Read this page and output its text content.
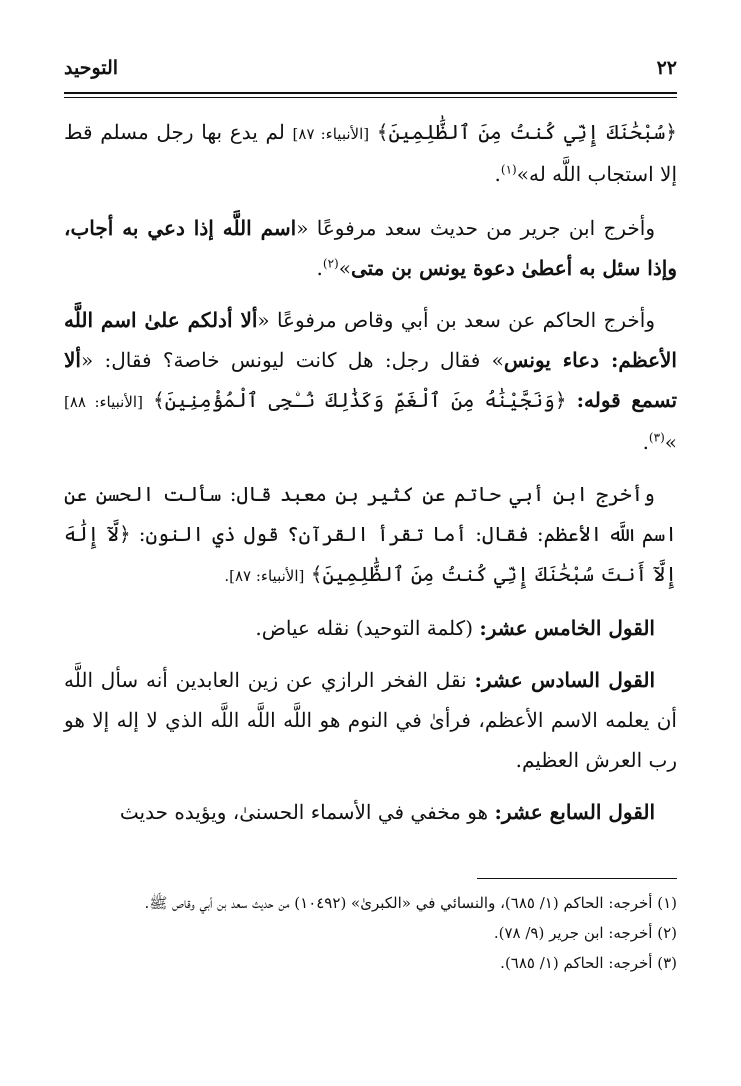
٢٢
التوحيد

﴿سُبْحَٰنَكَ إِنِّي كُنتُ مِنَ ٱلظَّٰلِمِينَ﴾ [الأنبياء: ٨٧] لم يدع بها رجل مسلم قط إلا استجاب اللَّه له»$^{(١)}$.

وأخرج ابن جرير من حديث سعد مرفوعًا «اسم اللَّه إذا دعي به أجاب، وإذا سئل به أعطىٰ دعوة يونس بن متى»$^{(٢)}$.

وأخرج الحاكم عن سعد بن أبي وقاص مرفوعًا «ألا أدلكم علىٰ اسم اللَّه الأعظم: دعاء يونس» فقال رجل: هل كانت ليونس خاصة؟ فقال: «ألا تسمع قوله: ﴿وَنَجَّيْنَٰهُ مِنَ ٱلْغَمِّ وَكَذَٰلِكَ نُـۨجِى ٱلْمُؤْمِنِينَ﴾ [الأنبياء: ٨٨] »$^{(٣)}$.

وأخرج ابن أبي حاتم عن كثير بن معبد قال: سألت الحسن عن اسم اللَّه الأعظم: فقال: أما تقرأ القرآن؟ قول ذي النون: ﴿لَّآ إِلَٰهَ إِلَّآ أَنتَ سُبْحَٰنَكَ إِنِّي كُنتُ مِنَ ٱلظَّٰلِمِينَ﴾ [الأنبياء: ٨٧].

القول الخامس عشر: (كلمة التوحيد) نقله عياض.

القول السادس عشر: نقل الفخر الرازي عن زين العابدين أنه سأل اللَّه أن يعلمه الاسم الأعظم، فرأىٰ في النوم هو اللَّه اللَّه اللَّه الذي لا إله إلا هو رب العرش العظيم.

القول السابع عشر: هو مخفي في الأسماء الحسنىٰ، ويؤيده حديث

(١) أخرجه: الحاكم (١/ ٦٨٥)، والنسائي في «الكبرىٰ» (١٠٤٩٢) من حديث سعد بن أبي وقاص ﷺ.
(٢) أخرجه: ابن جرير (٩/ ٧٨).
(٣) أخرجه: الحاكم (١/ ٦٨٥).
